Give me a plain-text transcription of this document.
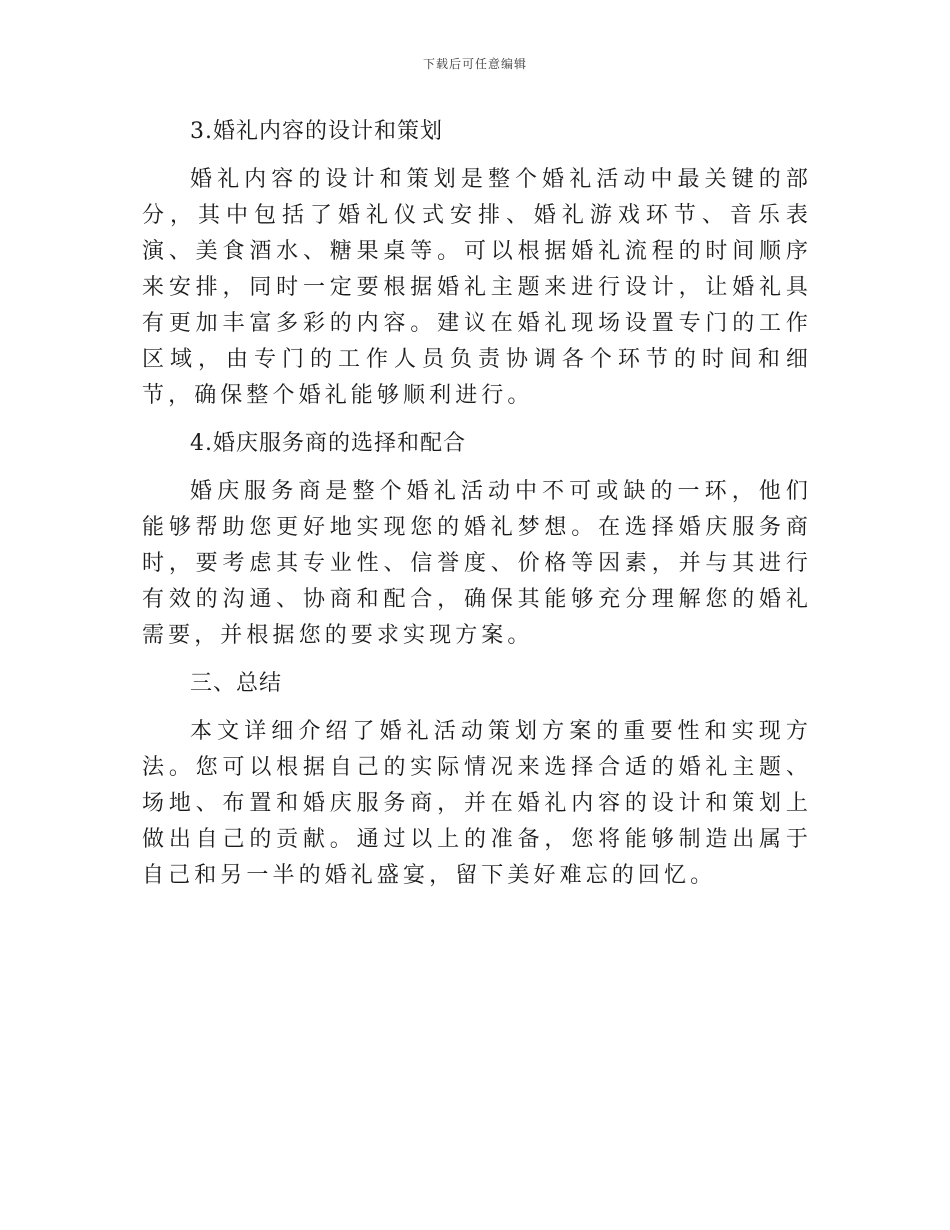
下载后可任意编辑
3.婚礼内容的设计和策划

婚礼内容的设计和策划是整个婚礼活动中最关键的部分，其中包括了婚礼仪式安排、婚礼游戏环节、音乐表演、美食酒水、糖果桌等。可以根据婚礼流程的时间顺序来安排，同时一定要根据婚礼主题来进行设计，让婚礼具有更加丰富多彩的内容。建议在婚礼现场设置专门的工作区域，由专门的工作人员负责协调各个环节的时间和细节，确保整个婚礼能够顺利进行。

4.婚庆服务商的选择和配合

婚庆服务商是整个婚礼活动中不可或缺的一环，他们能够帮助您更好地实现您的婚礼梦想。在选择婚庆服务商时，要考虑其专业性、信誉度、价格等因素，并与其进行有效的沟通、协商和配合，确保其能够充分理解您的婚礼需要，并根据您的要求实现方案。

三、总结

本文详细介绍了婚礼活动策划方案的重要性和实现方法。您可以根据自己的实际情况来选择合适的婚礼主题、场地、布置和婚庆服务商，并在婚礼内容的设计和策划上做出自己的贡献。通过以上的准备，您将能够制造出属于自己和另一半的婚礼盛宴，留下美好难忘的回忆。
